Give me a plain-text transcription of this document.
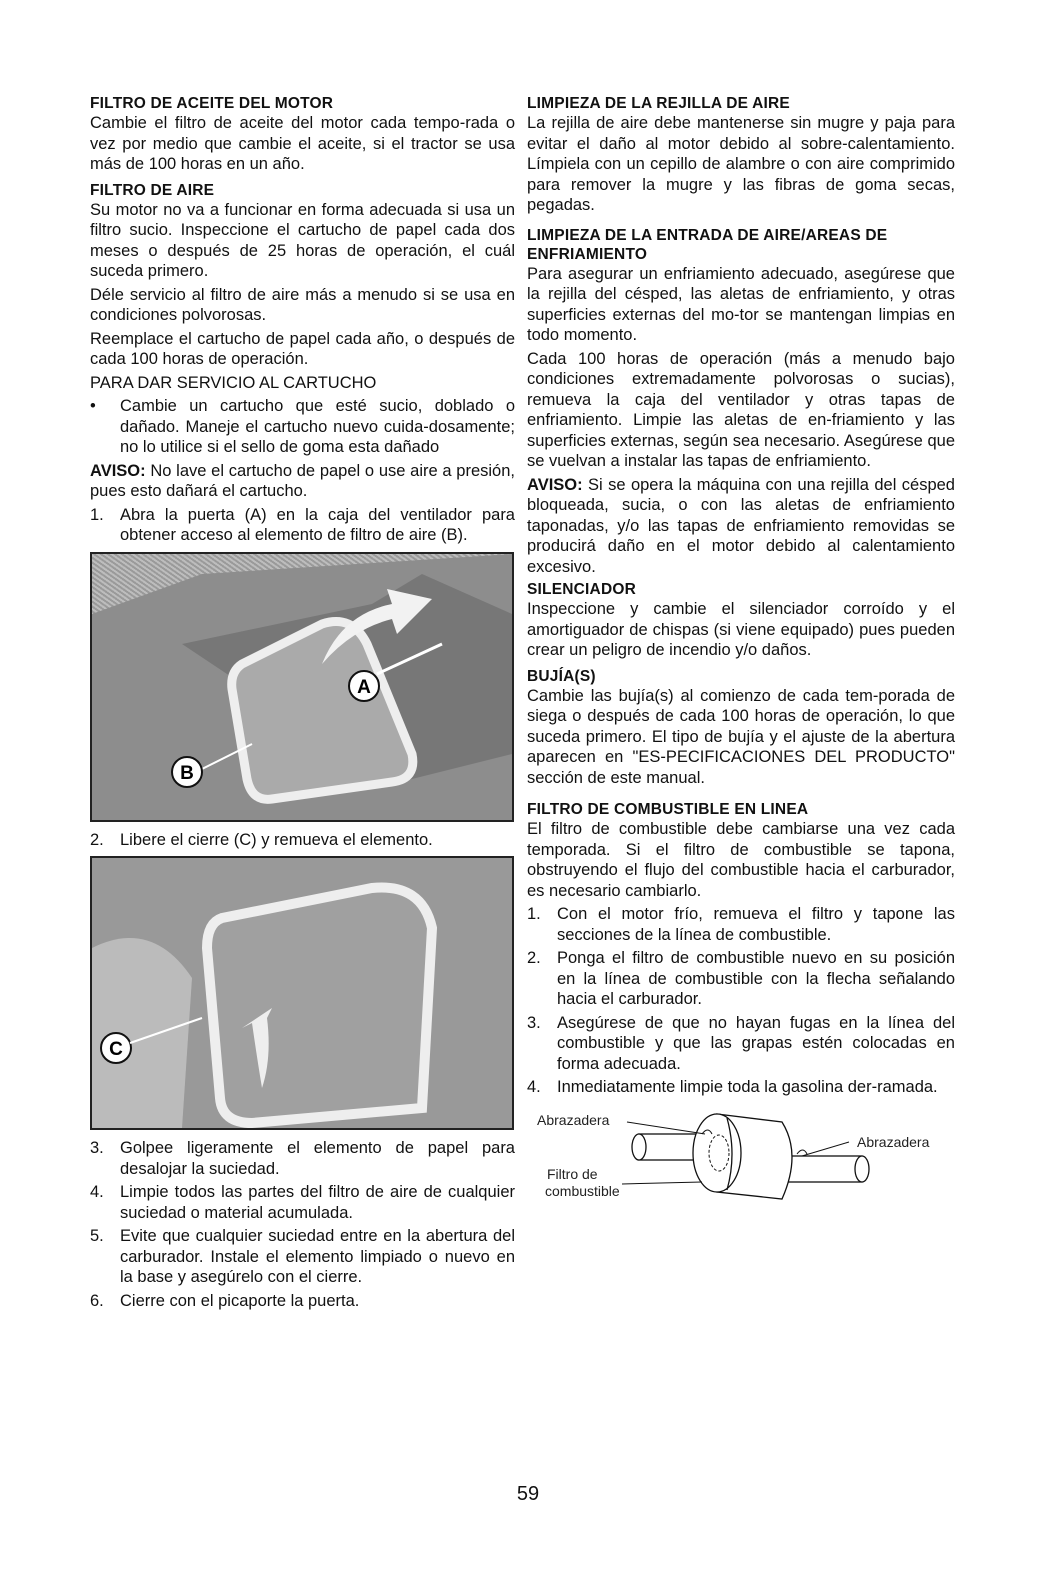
FILTRO DE ACEITE DEL MOTOR

Cambie el filtro de aceite del motor cada tempo-rada o vez por medio que cambie el aceite, si el tractor se usa más de 100 horas en un año.

FILTRO DE AIRE

Su motor no va a funcionar en forma adecuada si usa un filtro sucio. Inspeccione el cartucho de papel cada dos meses o después de 25 horas de operación, el cuál suceda primero.

Déle servicio al filtro de aire más a menudo si se usa en condiciones polvorosas.

Reemplace el cartucho de papel cada año, o después de cada 100 horas de operación.

PARA DAR SERVICIO AL CARTUCHO

•	Cambie un cartucho que esté sucio, doblado o dañado. Maneje el cartucho nuevo cuida-dosamente; no lo utilice si el sello de goma esta dañado

AVISO: No lave el cartucho de papel o use aire a presión, pues esto dañará el cartucho.

1. Abra la puerta (A) en la caja del ventilador para obtener acceso al elemento de filtro de aire (B).
A
B
2. Libere el cierre (C) y remueva el elemento.
C
3. Golpee ligeramente el elemento de papel para desalojar la suciedad.
4. Limpie todos las partes del filtro de aire de cualquier suciedad o material acumulada.
5. Evite que cualquier suciedad entre en la abertura del carburador. Instale el elemento limpiado o nuevo en la base y asegúrelo con el cierre.
6. Cierre con el picaporte la puerta.
LIMPIEZA DE LA REJILLA DE AIRE

La rejilla de aire debe mantenerse sin mugre y paja para evitar el daño al motor debido al sobre-calentamiento. Límpiela con un cepillo de alambre o con aire comprimido para remover la mugre y las fibras de goma secas, pegadas.

LIMPIEZA DE LA ENTRADA DE AIRE/AREAS DE ENFRIAMIENTO

Para asegurar un enfriamiento adecuado, asegúrese que la rejilla del césped, las aletas de enfriamiento, y otras superficies externas del mo-tor se mantengan limpias en todo momento.

Cada 100 horas de operación (más a menudo bajo condiciones extremadamente polvorosas o sucias), remueva la caja del ventilador y otras tapas de enfriamiento. Limpie las aletas de en-friamiento y las superficies externas, según sea necesario. Asegúrese que se vuelvan a instalar las tapas de enfriamiento.

AVISO: Si se opera la máquina con una rejilla del césped bloqueada, sucia, o con las aletas de enfriamiento taponadas, y/o las tapas de enfriamiento removidas se producirá daño en el motor debido al calentamiento excesivo.

SILENCIADOR

Inspeccione y cambie el silenciador corroído y el amortiguador de chispas (si viene equipado) pues pueden crear un peligro de incendio y/o daños.

BUJÍA(S)

Cambie las bujía(s) al comienzo de cada tem-porada de siega o después de cada 100 horas de operación, lo que suceda primero. El tipo de bujía y el ajuste de la abertura aparecen en "ES-PECIFICACIONES DEL PRODUCTO" sección de este manual.

FILTRO DE COMBUSTIBLE EN LINEA

El filtro de combustible debe cambiarse una vez cada temporada. Si el filtro de combustible se tapona, obstruyendo el flujo del combustible hacia el carburador, es necesario cambiarlo.

1. Con el motor frío, remueva el filtro y tapone las secciones de la línea de combustible.
2. Ponga el filtro de combustible nuevo en su posición en la línea de combustible con la flecha señalando hacia el carburador.
3. Asegúrese de que no hayan fugas en la línea del combustible y que las grapas estén colocadas en forma adecuada.
4. Inmediatamente limpie toda la gasolina der-ramada.
Abrazadera
Abrazadera
Filtro de
combustible
59
